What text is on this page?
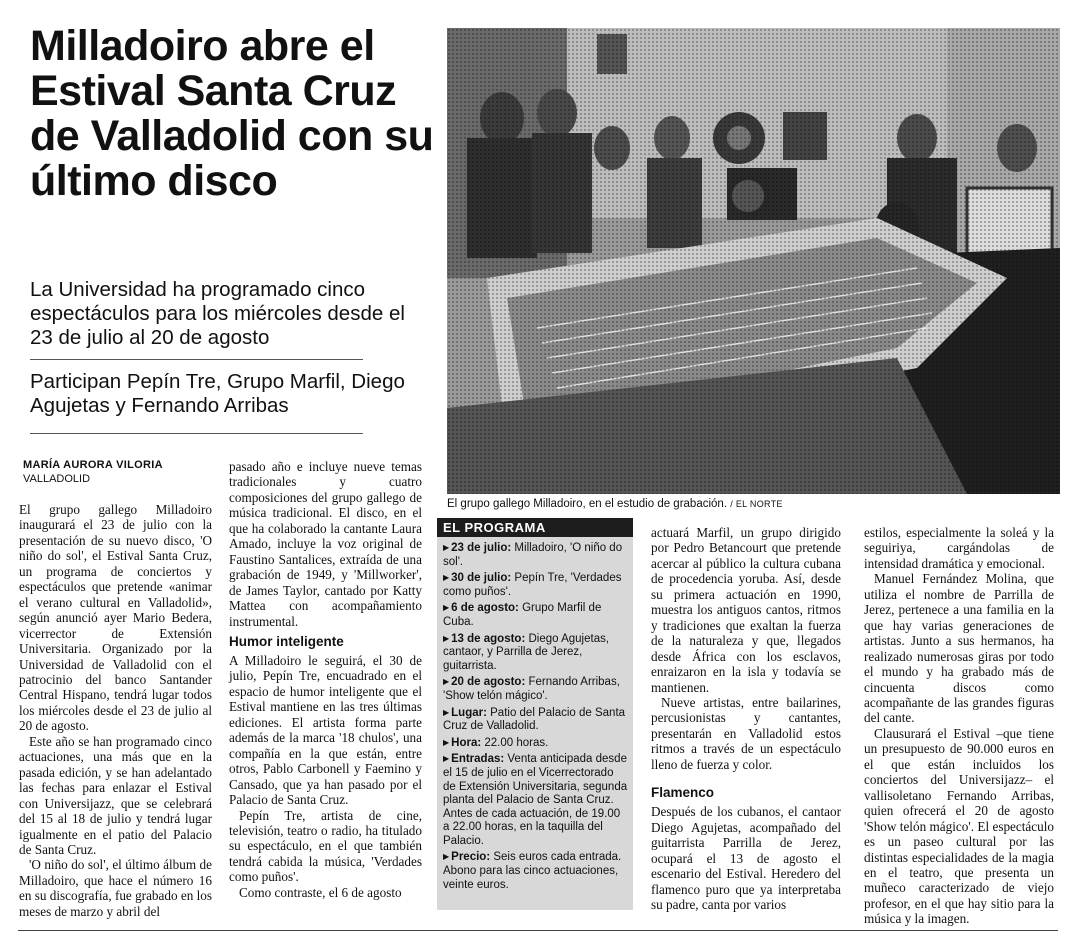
Milladoiro abre el Estival Santa Cruz de Valladolid con su último disco
La Universidad ha programado cinco espectáculos para los miércoles desde el 23 de julio al 20 de agosto
Participan Pepín Tre, Grupo Marfil, Diego Agujetas y Fernando Arribas
MARÍA AURORA VILORIA
VALLADOLID

El grupo gallego Milladoiro inaugurará el 23 de julio con la presentación de su nuevo disco, 'O niño do sol', el Estival Santa Cruz, un programa de conciertos y espectáculos que pretende «animar el verano cultural en Valladolid», según anunció ayer Mario Bedera, vicerrector de Extensión Universitaria. Organizado por la Universidad de Valladolid con el patrocinio del banco Santander Central Hispano, tendrá lugar todos los miércoles desde el 23 de julio al 20 de agosto.

Este año se han programado cinco actuaciones, una más que en la pasada edición, y se han adelantado las fechas para enlazar el Estival con Universijazz, que se celebrará del 15 al 18 de julio y tendrá lugar igualmente en el patio del Palacio de Santa Cruz.

'O niño do sol', el último álbum de Milladoiro, que hace el número 16 en su discografía, fue grabado en los meses de marzo y abril del

pasado año e incluye nueve temas tradicionales y cuatro composiciones del grupo gallego de música tradicional. El disco, en el que ha colaborado la cantante Laura Amado, incluye la voz original de Faustino Santalices, extraída de una grabación de 1949, y 'Millworker', de James Taylor, cantado por Katty Mattea con acompañamiento instrumental.

Humor inteligente

A Milladoiro le seguirá, el 30 de julio, Pepín Tre, encuadrado en el espacio de humor inteligente que el Estival mantiene en las tres últimas ediciones. El artista forma parte además de la marca '18 chulos', una compañía en la que están, entre otros, Pablo Carbonell y Faemino y Cansado, que ya han pasado por el Palacio de Santa Cruz.

Pepín Tre, artista de cine, televisión, teatro o radio, ha titulado su espectáculo, en el que también tendrá cabida la música, 'Verdades como puños'.

Como contraste, el 6 de agosto

El grupo gallego Milladoiro, en el estudio de grabación. / EL NORTE
EL PROGRAMA
▶ 23 de julio: Milladoiro, 'O niño do sol'.
▶ 30 de julio: Pepín Tre, 'Verdades como puños'.
▶ 6 de agosto: Grupo Marfil de Cuba.
▶ 13 de agosto: Diego Agujetas, cantaor, y Parrilla de Jerez, guitarrista.
▶ 20 de agosto: Fernando Arribas, 'Show telón mágico'.
▶ Lugar: Patio del Palacio de Santa Cruz de Valladolid.
▶ Hora: 22.00 horas.
▶ Entradas: Venta anticipada desde el 15 de julio en el Vicerrectorado de Extensión Universitaria, segunda planta del Palacio de Santa Cruz. Antes de cada actuación, de 19.00 a 22.00 horas, en la taquilla del Palacio.
▶ Precio: Seis euros cada entrada. Abono para las cinco actuaciones, veinte euros.

actuará Marfil, un grupo dirigido por Pedro Betancourt que pretende acercar al público la cultura cubana de procedencia yoruba. Así, desde su primera actuación en 1990, muestra los antiguos cantos, ritmos y tradiciones que exaltan la fuerza de la naturaleza y que, llegados desde África con los esclavos, enraizaron en la isla y todavía se mantienen.

Nueve artistas, entre bailarines, percusionistas y cantantes, presentarán en Valladolid estos ritmos a través de un espectáculo lleno de fuerza y color.

Flamenco

Después de los cubanos, el cantaor Diego Agujetas, acompañado del guitarrista Parrilla de Jerez, ocupará el 13 de agosto el escenario del Estival. Heredero del flamenco puro que ya interpretaba su padre, canta por varios

estilos, especialmente la soleá y la seguiriya, cargándolas de intensidad dramática y emocional.

Manuel Fernández Molina, que utiliza el nombre de Parrilla de Jerez, pertenece a una familia en la que hay varias generaciones de artistas. Junto a sus hermanos, ha realizado numerosas giras por todo el mundo y ha grabado más de cincuenta discos como acompañante de las grandes figuras del cante.

Clausurará el Estival –que tiene un presupuesto de 90.000 euros en el que están incluidos los conciertos del Universijazz– el vallisoletano Fernando Arribas, quien ofrecerá el 20 de agosto 'Show telón mágico'. El espectáculo es un paseo cultural por las distintas especialidades de la magia en el teatro, que presenta un muñeco caracterizado de viejo profesor, en el que hay sitio para la música y la imagen.
